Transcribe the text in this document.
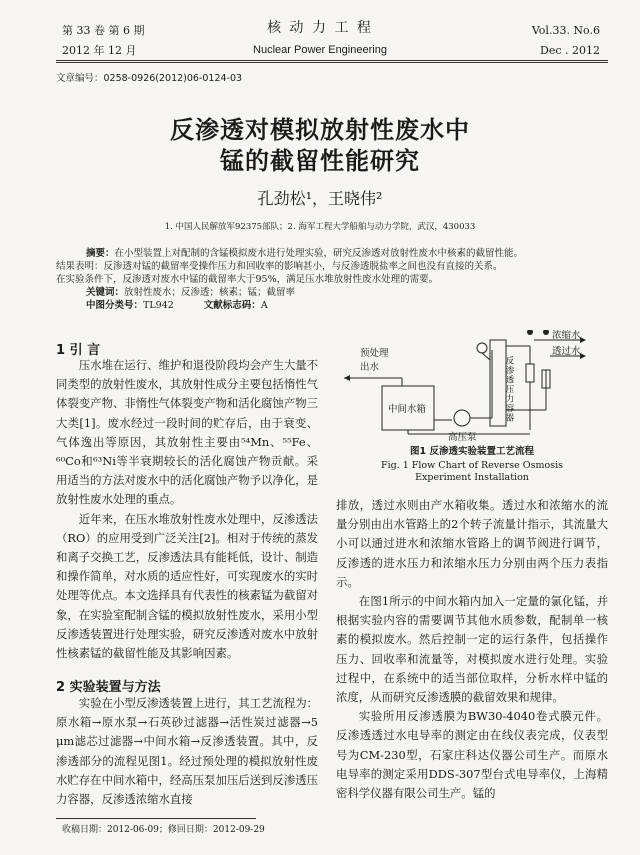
第 33 卷 第 6 期
2012 年 12 月
核 动 力 工 程
Nuclear Power Engineering
Vol.33. No.6
Dec . 2012
文章编号：0258-0926(2012)06-0124-03
反渗透对模拟放射性废水中
锰的截留性能研究
孔劲松¹，王晓伟²
1. 中国人民解放军92375部队；2. 海军工程大学船舶与动力学院，武汉，430033
摘要：在小型装置上对配制的含锰模拟废水进行处理实验，研究反渗透对放射性废水中核素的截留性能。
结果表明：反渗透对锰的截留率受操作压力和回收率的影响甚小，与反渗透脱盐率之间也没有直接的关系。
在实验条件下，反渗透对废水中锰的截留率大于95%，满足压水堆放射性废水处理的需要。
关键词：放射性废水；反渗透；核素；锰；截留率
中图分类号：TL942	文献标志码：A
1 引 言

压水堆在运行、维护和退役阶段均会产生大量不同类型的放射性废水，其放射性成分主要包括惰性气体裂变产物、非惰性气体裂变产物和活化腐蚀产物三大类[1]。废水经过一段时间的贮存后，由于衰变、气体逸出等原因，其放射性主要由⁵⁴Mn、⁵⁵Fe、⁶⁰Co和⁶³Ni等半衰期较长的活化腐蚀产物贡献。采用适当的方法对废水中的活化腐蚀产物予以净化，是放射性废水处理的重点。

近年来，在压水堆放射性废水处理中，反渗透法（RO）的应用受到广泛关注[2]。相对于传统的蒸发和离子交换工艺，反渗透法具有能耗低，设计、制造和操作简单，对水质的适应性好，可实现废水的实时处理等优点。本文选择具有代表性的核素锰为截留对象，在实验室配制含锰的模拟放射性废水，采用小型反渗透装置进行处理实验，研究反渗透对废水中放射性核素锰的截留性能及其影响因素。

2 实验装置与方法

实验在小型反渗透装置上进行，其工艺流程为：原水箱→原水泵→石英砂过滤器→活性炭过滤器→5 μm滤芯过滤器→中间水箱→反渗透装置。其中，反渗透部分的流程见图1。经过预处理的模拟放射性废水贮存在中间水箱中，经高压泵加压后送到反渗透压力容器，反渗透浓缩水直接

预处理
出水
中间水箱
高压泵
浓缩水
透过水
反渗透压力容器
图1 反渗透实验装置工艺流程
Fig. 1 Flow Chart of Reverse Osmosis
Experiment Installation

排放，透过水则由产水箱收集。透过水和浓缩水的流量分别由出水管路上的2个转子流量计指示，其流量大小可以通过进水和浓缩水管路上的调节阀进行调节，反渗透的进水压力和浓缩水压力分别由两个压力表指示。

在图1所示的中间水箱内加入一定量的氯化锰，并根据实验内容的需要调节其他水质参数，配制单一核素的模拟废水。然后控制一定的运行条件，包括操作压力、回收率和流量等，对模拟废水进行处理。实验过程中，在系统中的适当部位取样，分析水样中锰的浓度，从而研究反渗透膜的截留效果和规律。

实验所用反渗透膜为BW30-4040卷式膜元件。反渗透透过水电导率的测定由在线仪表完成，仪表型号为CM-230型，石家庄科达仪器公司生产。而原水电导率的测定采用DDS-307型台式电导率仪，上海精密科学仪器有限公司生产。锰的

收稿日期：2012-06-09；修回日期：2012-09-29
